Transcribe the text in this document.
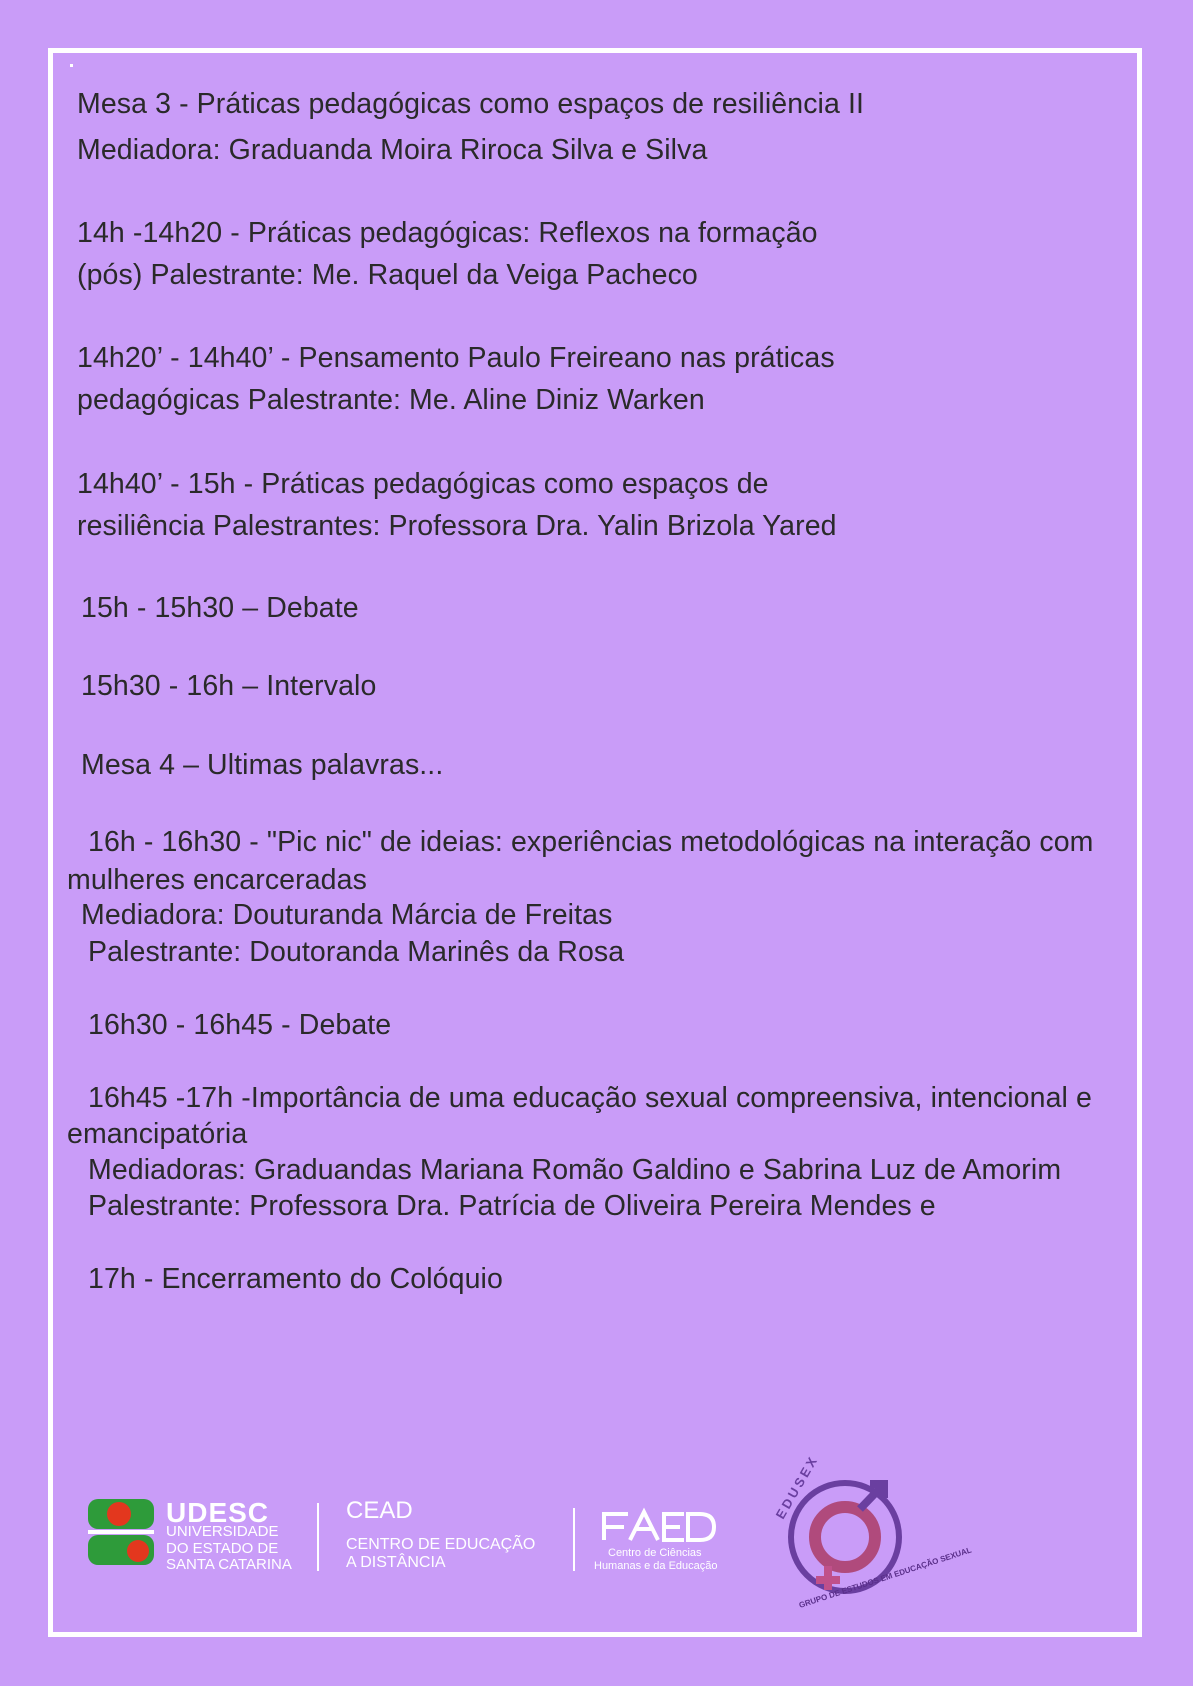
Mesa 3 - Práticas pedagógicas como espaços de resiliência II
Mediadora: Graduanda Moira Riroca Silva e Silva
14h -14h20 - Práticas pedagógicas: Reflexos na formação
(pós) Palestrante: Me. Raquel da Veiga Pacheco
14h20’ - 14h40’ - Pensamento Paulo Freireano nas práticas
pedagógicas Palestrante: Me. Aline Diniz Warken
14h40’ - 15h - Práticas pedagógicas como espaços de
resiliência Palestrantes: Professora Dra. Yalin Brizola Yared
15h - 15h30 – Debate
15h30 - 16h – Intervalo
Mesa 4 – Ultimas palavras...
16h - 16h30 - "Pic nic" de ideias: experiências metodológicas na interação com
mulheres encarceradas
Mediadora: Douturanda Márcia de Freitas
Palestrante: Doutoranda Marinês da Rosa
16h30 - 16h45 - Debate
16h45 -17h -Importância de uma educação sexual compreensiva, intencional e
emancipatória
Mediadoras: Graduandas Mariana Romão Galdino e Sabrina Luz de Amorim
Palestrante: Professora Dra. Patrícia de Oliveira Pereira Mendes e
17h - Encerramento do Colóquio
UDESC
UNIVERSIDADE
DO ESTADO DE
SANTA CATARINA
CEAD
CENTRO DE EDUCAÇÃO
A DISTÂNCIA
Centro de Ciências
Humanas e da Educação
EDUSEX
GRUPO DE ESTUDOS EM EDUCAÇÃO SEXUAL
